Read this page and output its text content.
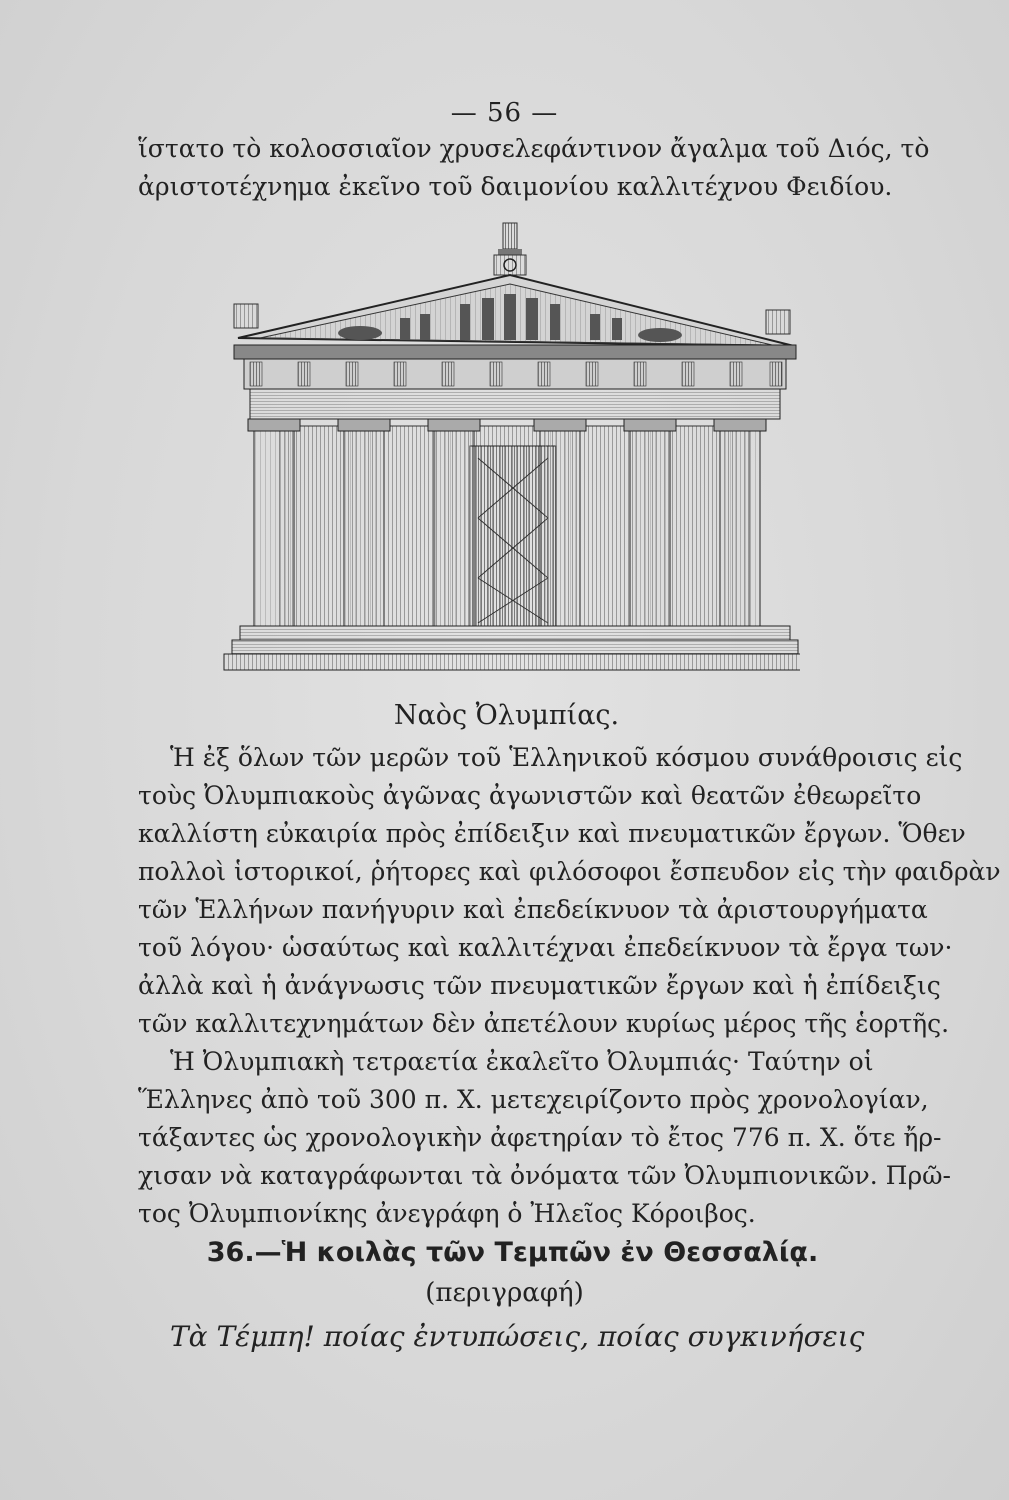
— 56 —
ἵστατο τὸ κολοσσιαῖον χρυσελεφάντινον ἄγαλμα τοῦ Διός, τὸ
ἀριστοτέχνημα ἐκεῖνο τοῦ δαιμονίου καλλιτέχνου Φειδίου.
Ναὸς Ὀλυμπίας.
Ἡ ἐξ ὅλων τῶν μερῶν τοῦ Ἑλληνικοῦ κόσμου συνάθροισις εἰς
τοὺς Ὀλυμπιακοὺς ἀγῶνας ἀγωνιστῶν καὶ θεατῶν ἐθεωρεῖτο
καλλίστη εὐκαιρία πρὸς ἐπίδειξιν καὶ πνευματικῶν ἔργων. Ὅθεν
πολλοὶ ἱστορικοί, ῥήτορες καὶ φιλόσοφοι ἔσπευδον εἰς τὴν φαιδρὰν
τῶν Ἑλλήνων πανήγυριν καὶ ἐπεδείκνυον τὰ ἀριστουργήματα
τοῦ λόγου· ὡσαύτως καὶ καλλιτέχναι ἐπεδείκνυον τὰ ἔργα των·
ἀλλὰ καὶ ἡ ἀνάγνωσις τῶν πνευματικῶν ἔργων καὶ ἡ ἐπίδειξις
τῶν καλλιτεχνημάτων δὲν ἀπετέλουν κυρίως μέρος τῆς ἑορτῆς.
Ἡ Ὀλυμπιακὴ τετραετία ἐκαλεῖτο Ὀλυμπιάς· Ταύτην οἱ
Ἕλληνες ἀπὸ τοῦ 300 π. Χ. μετεχειρίζοντο πρὸς χρονολογίαν,
τάξαντες ὡς χρονολογικὴν ἀφετηρίαν τὸ ἔτος 776 π. Χ. ὅτε ἤρ-
χισαν νὰ καταγράφωνται τὰ ὀνόματα τῶν Ὀλυμπιονικῶν. Πρῶ-
τος Ὀλυμπιονίκης ἀνεγράφη ὁ Ἠλεῖος Κόροιβος.
36.—Ἡ κοιλὰς τῶν Τεμπῶν ἐν Θεσσαλίᾳ.
(περιγραφή)
Τὰ Τέμπη! ποίας ἐντυπώσεις, ποίας συγκινήσεις
